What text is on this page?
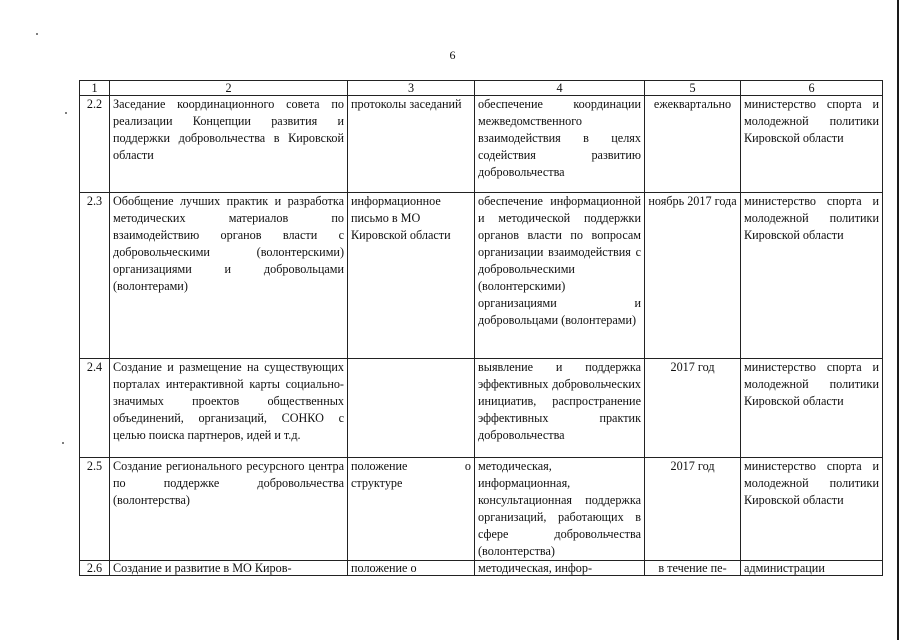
6
1	2	3	4	5	6
2.2	Заседание координационного совета по реализации Концепции развития и поддержки добровольчества в Кировской области	протоколы заседаний	обеспечение координации межведомственного взаимодействия в целях содействия развитию добровольчества	ежеквартально	министерство спорта и молодежной политики Кировской области
2.3	Обобщение лучших практик и разработка методических материалов по взаимодействию органов власти с добровольческими (волонтерскими) организациями и добровольцами (волонтерами)	информационное письмо в МО Кировской области	обеспечение информационной и методической поддержки органов власти по вопросам организации взаимодействия с добровольческими (волонтерскими) организациями и добровольцами (волонтерами)	ноябрь 2017 года	министерство спорта и молодежной политики Кировской области
2.4	Создание и размещение на существующих порталах интерактивной карты социально-значимых проектов общественных объединений, организаций, СОНКО с целью поиска партнеров, идей и т.д.		выявление и поддержка эффективных добровольческих инициатив, распространение эффективных практик добровольчества	2017 год	министерство спорта и молодежной политики Кировской области
2.5	Создание регионального ресурсного центра по поддержке добровольчества (волонтерства)	положение о структуре	методическая, информационная, консультационная поддержка организаций, работающих в сфере добровольчества (волонтерства)	2017 год	министерство спорта и молодежной политики Кировской области
2.6	Создание и развитие в МО Киров-	положение о	методическая, инфор-	в течение пе-	администрации
